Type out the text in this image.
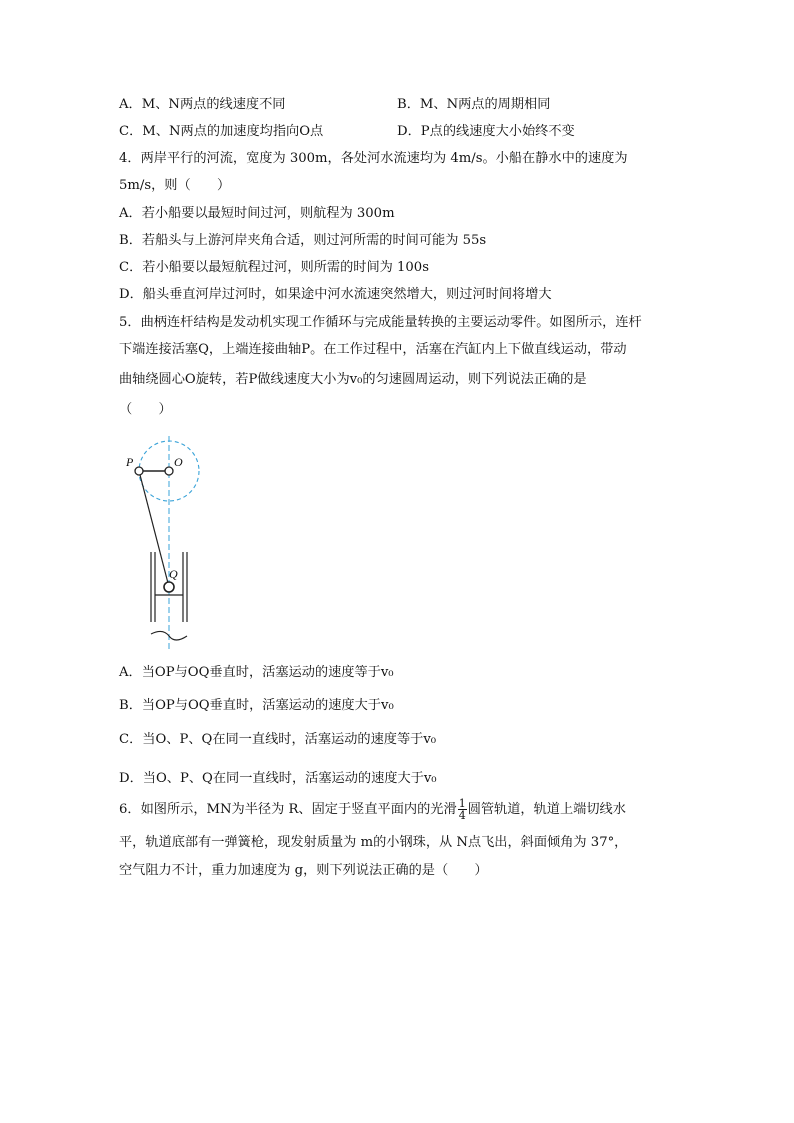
A．M、N两点的线速度不同	B．M、N两点的周期相同
C．M、N两点的加速度均指向O点	D．P点的线速度大小始终不变
4．两岸平行的河流，宽度为 300m，各处河水流速均为 4m/s。小船在静水中的速度为
5m/s，则（　　）
A．若小船要以最短时间过河，则航程为 300m
B．若船头与上游河岸夹角合适，则过河所需的时间可能为 55s
C．若小船要以最短航程过河，则所需的时间为 100s
D．船头垂直河岸过河时，如果途中河水流速突然增大，则过河时间将增大
5．曲柄连杆结构是发动机实现工作循环与完成能量转换的主要运动零件。如图所示，连杆
下端连接活塞Q，上端连接曲轴P。在工作过程中，活塞在汽缸内上下做直线运动，带动
曲轴绕圆心O旋转，若P做线速度大小为v₀的匀速圆周运动，则下列说法正确的是
（　　）
P	O
Q
A．当OP与OQ垂直时，活塞运动的速度等于v₀
B．当OP与OQ垂直时，活塞运动的速度大于v₀
C．当O、P、Q在同一直线时，活塞运动的速度等于v₀
D．当O、P、Q在同一直线时，活塞运动的速度大于v₀
6．如图所示，MN为半径为 R、固定于竖直平面内的光滑 $\frac{1}{4}$ 圆管轨道，轨道上端切线水
平，轨道底部有一弹簧枪，现发射质量为 m的小钢珠，从 N点飞出，斜面倾角为 37°，
空气阻力不计，重力加速度为 g，则下列说法正确的是（　　）
